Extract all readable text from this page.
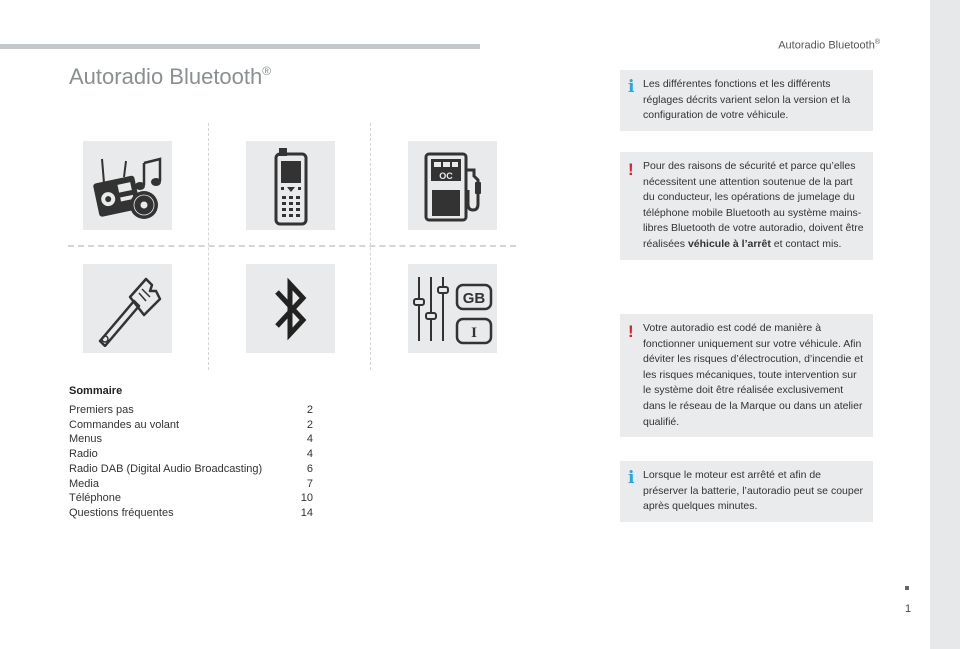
Autoradio Bluetooth®
Autoradio Bluetooth®
OC
GB
I
Sommaire
Premiers pas	2
Commandes au volant	2
Menus	4
Radio	4
Radio DAB (Digital Audio Broadcasting)	6
Media	7
Téléphone	10
Questions fréquentes	14
i Les différentes fonctions et les différents réglages décrits varient selon la version et la configuration de votre véhicule.
! Pour des raisons de sécurité et parce qu’elles nécessitent une attention soutenue de la part du conducteur, les opérations de jumelage du téléphone mobile Bluetooth au système mains-libres Bluetooth de votre autoradio, doivent être réalisées véhicule à l’arrêt et contact mis.
! Votre autoradio est codé de manière à fonctionner uniquement sur votre véhicule. Afin déviter les risques d’électrocution, d’incendie et les risques mécaniques, toute intervention sur le système doit être réalisée exclusivement dans le réseau de la Marque ou dans un atelier qualifié.
i Lorsque le moteur est arrêté et afin de préserver la batterie, l’autoradio peut se couper après quelques minutes.
1
